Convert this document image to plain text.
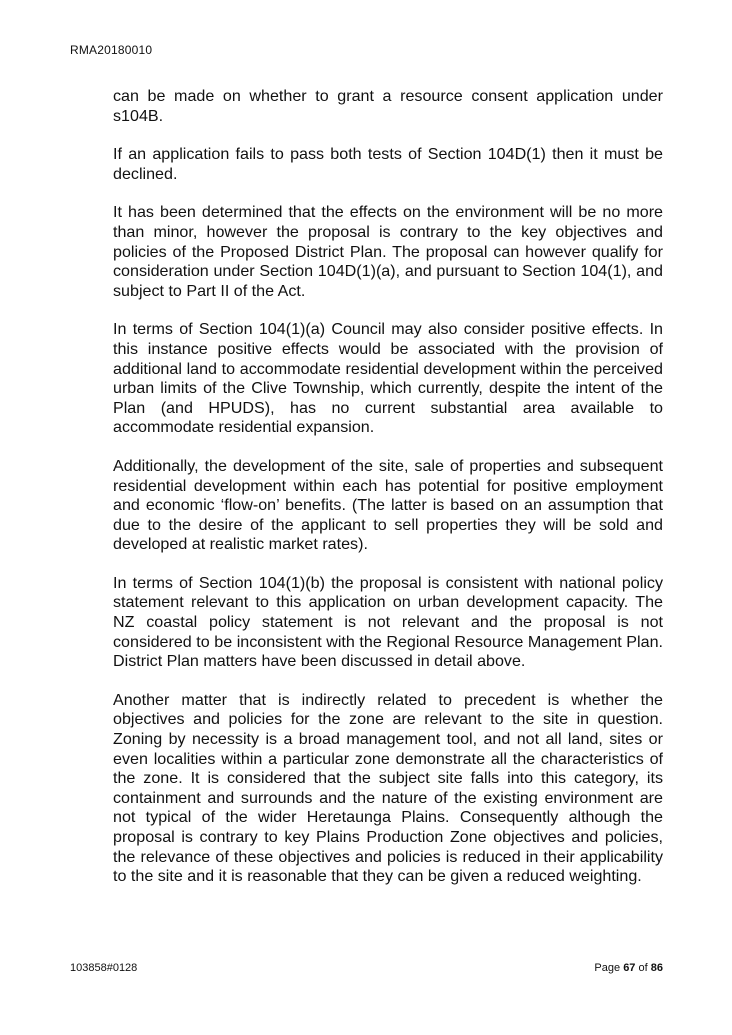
RMA20180010

can be made on whether to grant a resource consent application under s104B.

If an application fails to pass both tests of Section 104D(1) then it must be declined.

It has been determined that the effects on the environment will be no more than minor, however the proposal is contrary to the key objectives and policies of the Proposed District Plan. The proposal can however qualify for consideration under Section 104D(1)(a), and pursuant to Section 104(1), and subject to Part II of the Act.

In terms of Section 104(1)(a) Council may also consider positive effects. In this instance positive effects would be associated with the provision of additional land to accommodate residential development within the perceived urban limits of the Clive Township, which currently, despite the intent of the Plan (and HPUDS), has no current substantial area available to accommodate residential expansion.

Additionally, the development of the site, sale of properties and subsequent residential development within each has potential for positive employment and economic ‘flow-on’ benefits. (The latter is based on an assumption that due to the desire of the applicant to sell properties they will be sold and developed at realistic market rates).

In terms of Section 104(1)(b) the proposal is consistent with national policy statement relevant to this application on urban development capacity. The NZ coastal policy statement is not relevant and the proposal is not considered to be inconsistent with the Regional Resource Management Plan. District Plan matters have been discussed in detail above.

Another matter that is indirectly related to precedent is whether the objectives and policies for the zone are relevant to the site in question. Zoning by necessity is a broad management tool, and not all land, sites or even localities within a particular zone demonstrate all the characteristics of the zone. It is considered that the subject site falls into this category, its containment and surrounds and the nature of the existing environment are not typical of the wider Heretaunga Plains. Consequently although the proposal is contrary to key Plains Production Zone objectives and policies, the relevance of these objectives and policies is reduced in their applicability to the site and it is reasonable that they can be given a reduced weighting.

103858#0128	Page 67 of 86
